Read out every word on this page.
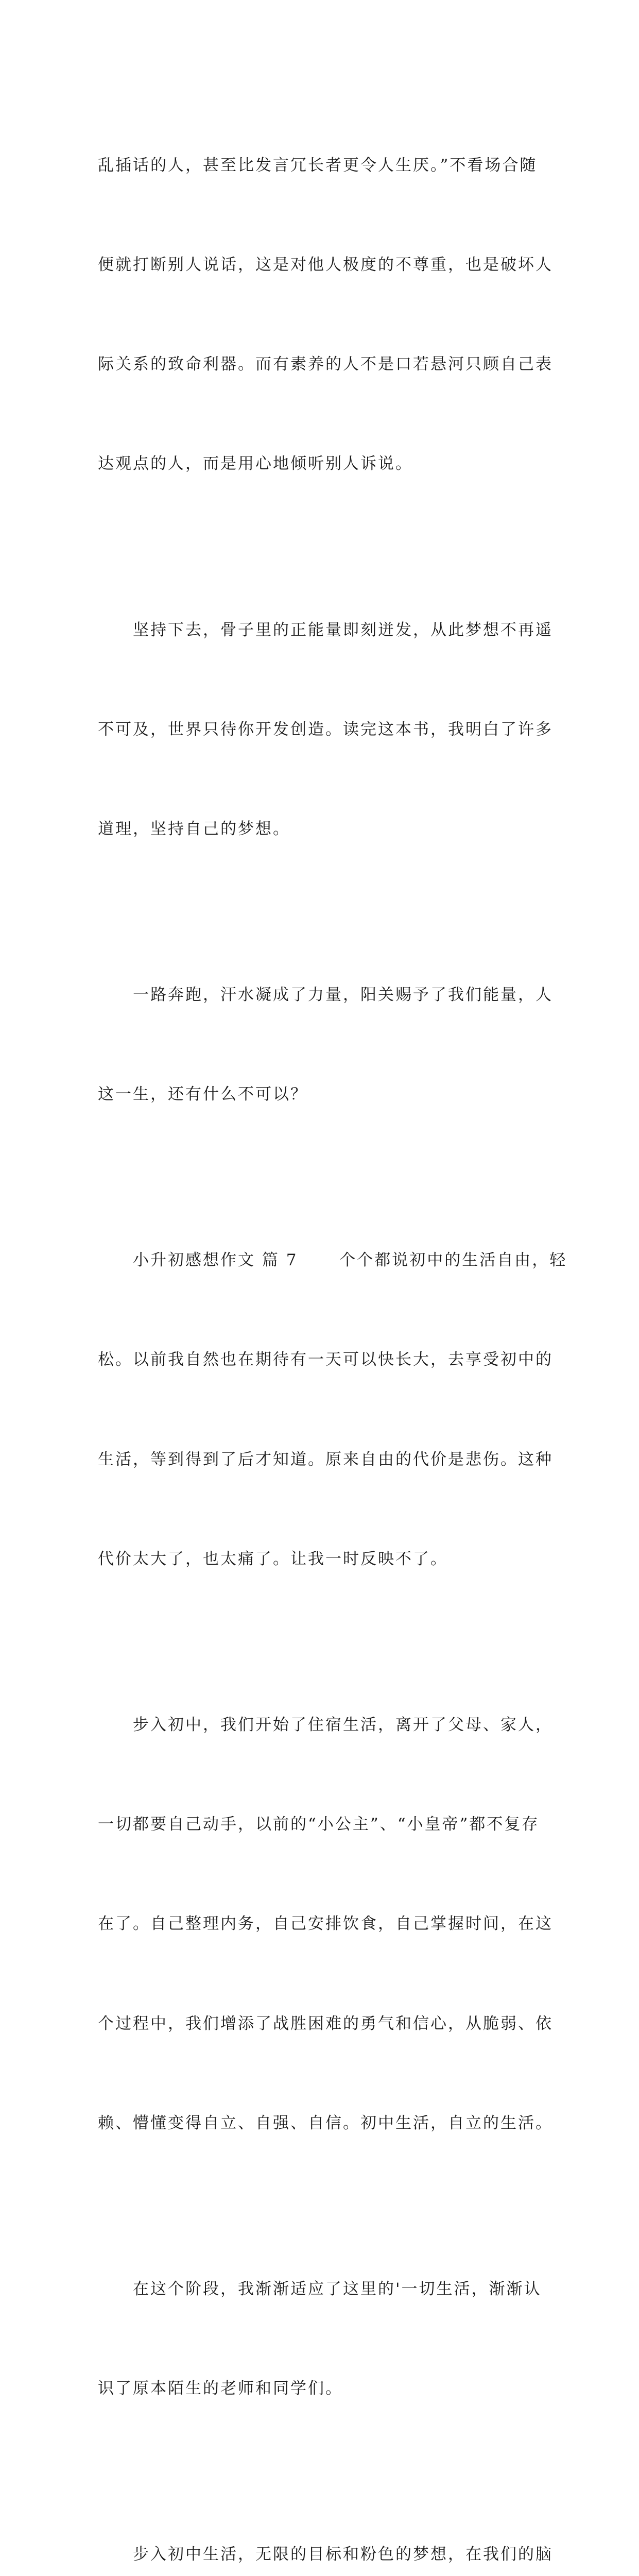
乱插话的人，甚至比发言冗长者更令人生厌。”不看场合随

便就打断别人说话，这是对他人极度的不尊重，也是破坏人

际关系的致命利器。而有素养的人不是口若悬河只顾自己表

达观点的人，而是用心地倾听别人诉说。

　　坚持下去，骨子里的正能量即刻迸发，从此梦想不再遥

不可及，世界只待你开发创造。读完这本书，我明白了许多

道理，坚持自己的梦想。

　　一路奔跑，汗水凝成了力量，阳关赐予了我们能量，人

这一生，还有什么不可以？

　　小升初感想作文 篇 7 　　个个都说初中的生活自由，轻

松。以前我自然也在期待有一天可以快长大，去享受初中的

生活，等到得到了后才知道。原来自由的代价是悲伤。这种

代价太大了，也太痛了。让我一时反映不了。

　　步入初中，我们开始了住宿生活，离开了父母、家人，

一切都要自己动手，以前的“小公主”、“小皇帝”都不复存

在了。自己整理内务，自己安排饮食，自己掌握时间，在这

个过程中，我们增添了战胜困难的勇气和信心，从脆弱、依

赖、懵懂变得自立、自强、自信。初中生活，自立的生活。

　　在这个阶段，我渐渐适应了这里的'一切生活，渐渐认

识了原本陌生的老师和同学们。

　　步入初中生活，无限的目标和粉色的梦想，在我们的脑
